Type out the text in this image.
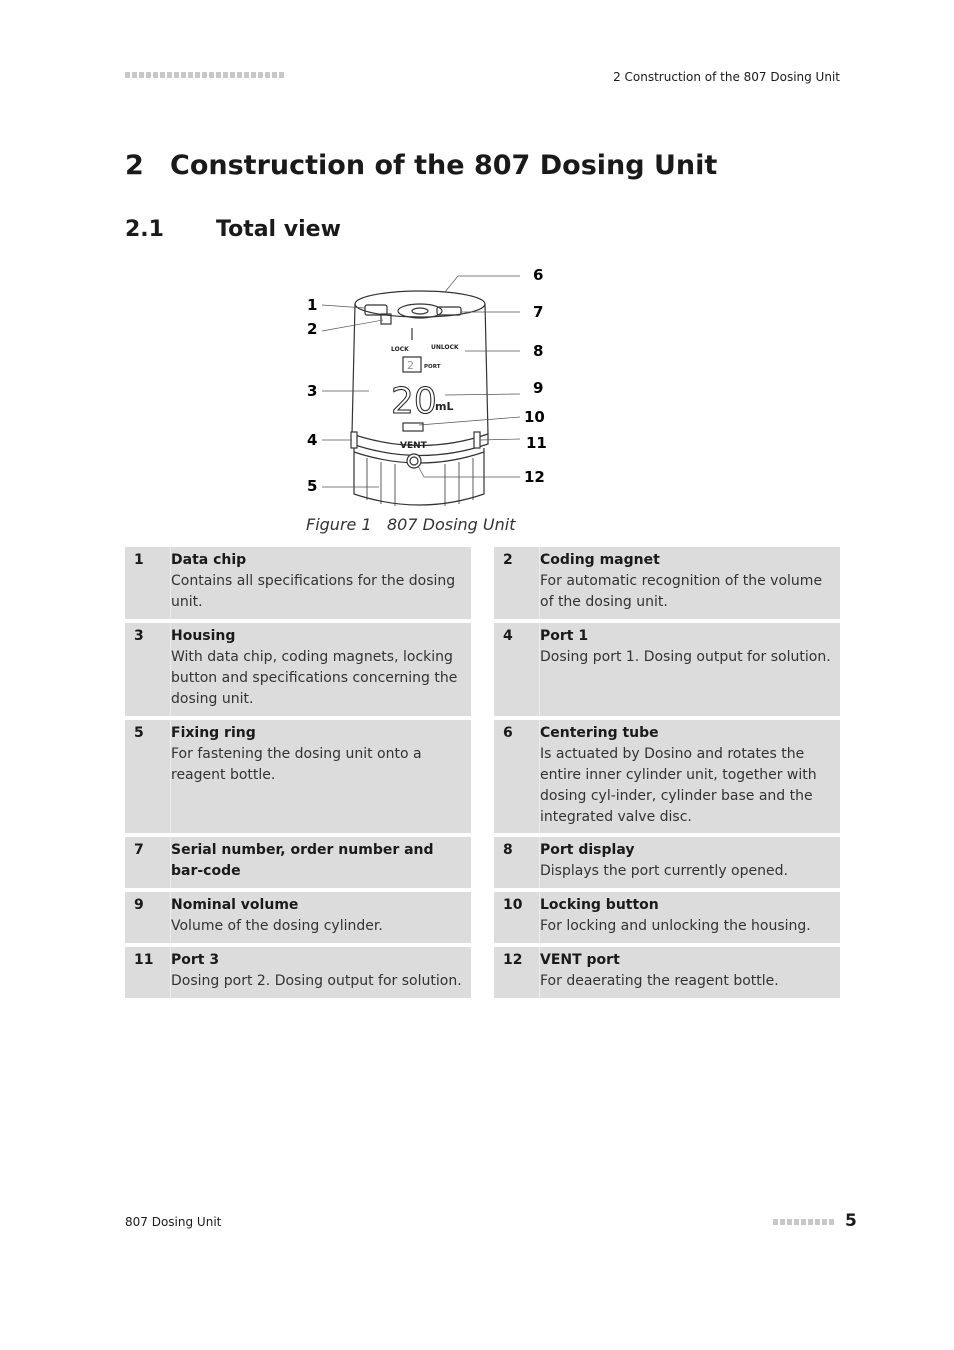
2 Construction of the 807 Dosing Unit
2 Construction of the 807 Dosing Unit
2.1 Total view
LOCK	UNLOCK
2 PORT
20
mL
VENT
1
2
3
4
5
6
7
8
9
10
11
12
Figure 1 807 Dosing Unit
1	Data chip
Contains all specifications for the dosing unit.
3	Housing
With data chip, coding magnets, locking button and specifications concerning the dosing unit.
5	Fixing ring
For fastening the dosing unit onto a reagent bottle.
7	Serial number, order number and bar-code
9	Nominal volume
Volume of the dosing cylinder.
11	Port 3
Dosing port 2. Dosing output for solution.
2	Coding magnet
For automatic recognition of the volume of the dosing unit.
4	Port 1
Dosing port 1. Dosing output for solution.
6	Centering tube
Is actuated by Dosino and rotates the entire inner cylinder unit, together with dosing cyl-inder, cylinder base and the integrated valve disc.
8	Port display
Displays the port currently opened.
10	Locking button
For locking and unlocking the housing.
12	VENT port
For deaerating the reagent bottle.
807 Dosing Unit	5
